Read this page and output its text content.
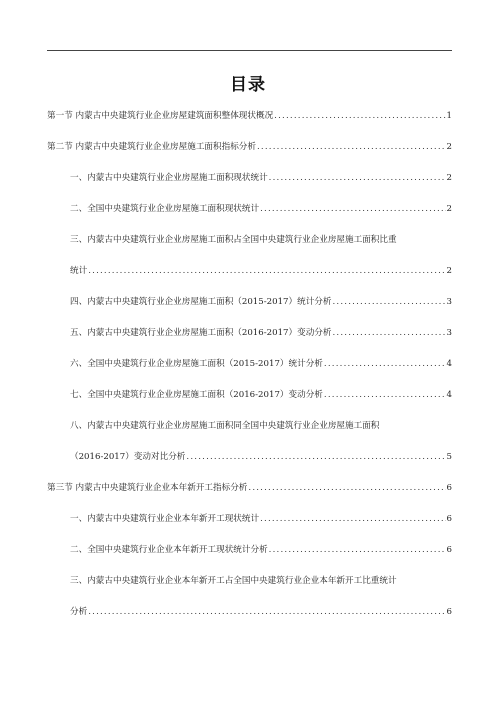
目录
第一节 内蒙古中央建筑行业企业房屋建筑面积整体现状概况 .....	1
第二节 内蒙古中央建筑行业企业房屋施工面积指标分析 .....	2
一、内蒙古中央建筑行业企业房屋施工面积现状统计 .....	2
二、全国中央建筑行业企业房屋施工面积现状统计 .....	2
三、内蒙古中央建筑行业企业房屋施工面积占全国中央建筑行业企业房屋施工面积比重
统计 .....	2
四、内蒙古中央建筑行业企业房屋施工面积（2015-2017）统计分析 .....	3
五、内蒙古中央建筑行业企业房屋施工面积（2016-2017）变动分析 .....	3
六、全国中央建筑行业企业房屋施工面积（2015-2017）统计分析 .....	4
七、全国中央建筑行业企业房屋施工面积（2016-2017）变动分析 .....	4
八、内蒙古中央建筑行业企业房屋施工面积同全国中央建筑行业企业房屋施工面积
（2016-2017）变动对比分析 .....	5
第三节 内蒙古中央建筑行业企业本年新开工指标分析 .....	6
一、内蒙古中央建筑行业企业本年新开工现状统计 .....	6
二、全国中央建筑行业企业本年新开工现状统计分析 .....	6
三、内蒙古中央建筑行业企业本年新开工占全国中央建筑行业企业本年新开工比重统计
分析 .....	6
